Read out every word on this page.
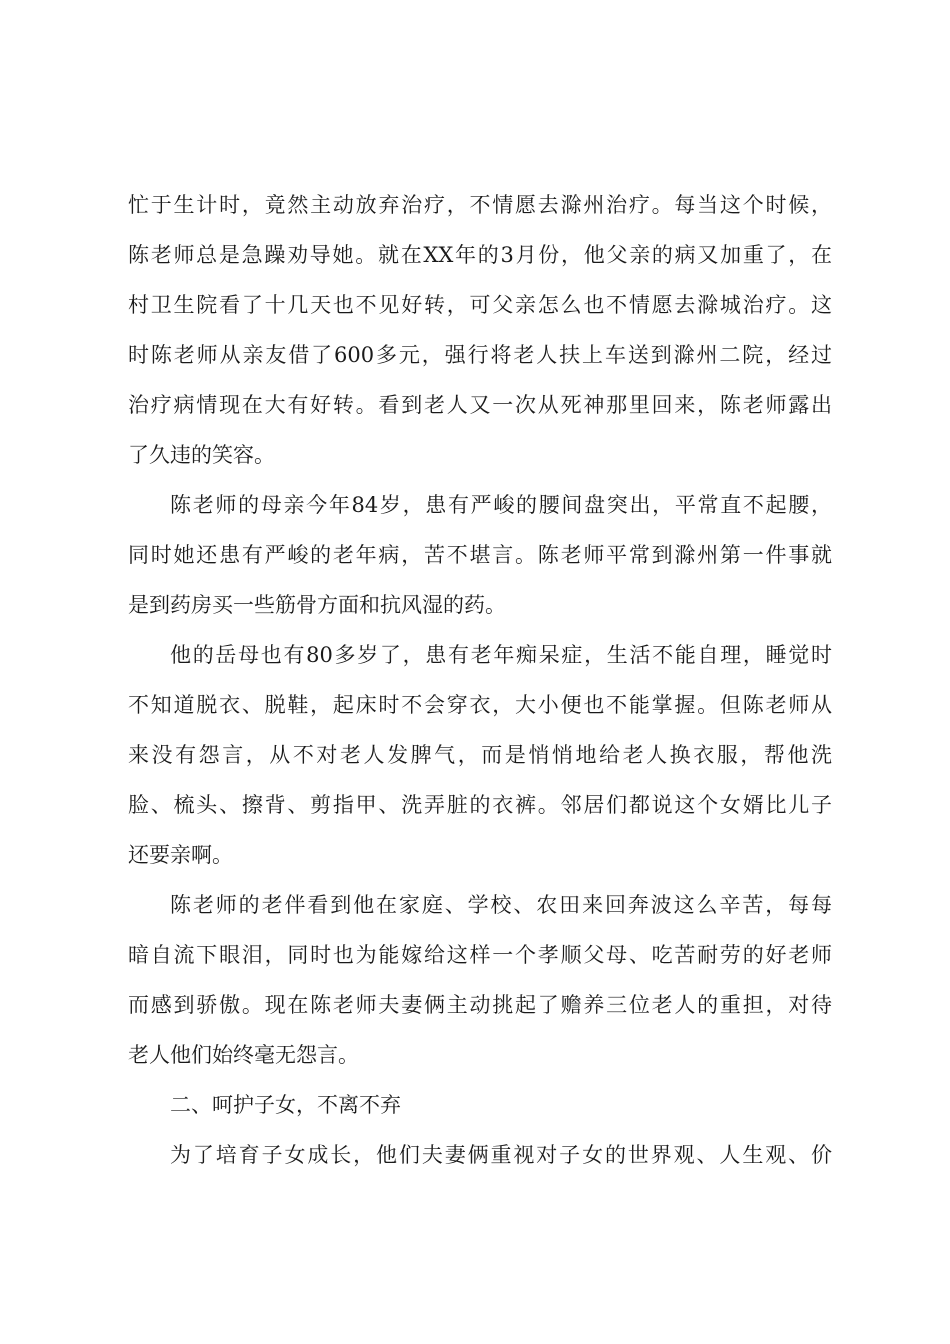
忙于生计时，竟然主动放弃治疗，不情愿去滁州治疗。每当这个时候，
陈老师总是急躁劝导她。就在XX年的3月份，他父亲的病又加重了，在
村卫生院看了十几天也不见好转，可父亲怎么也不情愿去滁城治疗。这
时陈老师从亲友借了600多元，强行将老人扶上车送到滁州二院，经过
治疗病情现在大有好转。看到老人又一次从死神那里回来，陈老师露出
了久违的笑容。
陈老师的母亲今年84岁，患有严峻的腰间盘突出，平常直不起腰，
同时她还患有严峻的老年病，苦不堪言。陈老师平常到滁州第一件事就
是到药房买一些筋骨方面和抗风湿的药。
他的岳母也有80多岁了，患有老年痴呆症，生活不能自理，睡觉时
不知道脱衣、脱鞋，起床时不会穿衣，大小便也不能掌握。但陈老师从
来没有怨言，从不对老人发脾气，而是悄悄地给老人换衣服，帮他洗
脸、梳头、擦背、剪指甲、洗弄脏的衣裤。邻居们都说这个女婿比儿子
还要亲啊。
陈老师的老伴看到他在家庭、学校、农田来回奔波这么辛苦，每每
暗自流下眼泪，同时也为能嫁给这样一个孝顺父母、吃苦耐劳的好老师
而感到骄傲。现在陈老师夫妻俩主动挑起了赡养三位老人的重担，对待
老人他们始终毫无怨言。
二、呵护子女，不离不弃
为了培育子女成长，他们夫妻俩重视对子女的世界观、人生观、价
